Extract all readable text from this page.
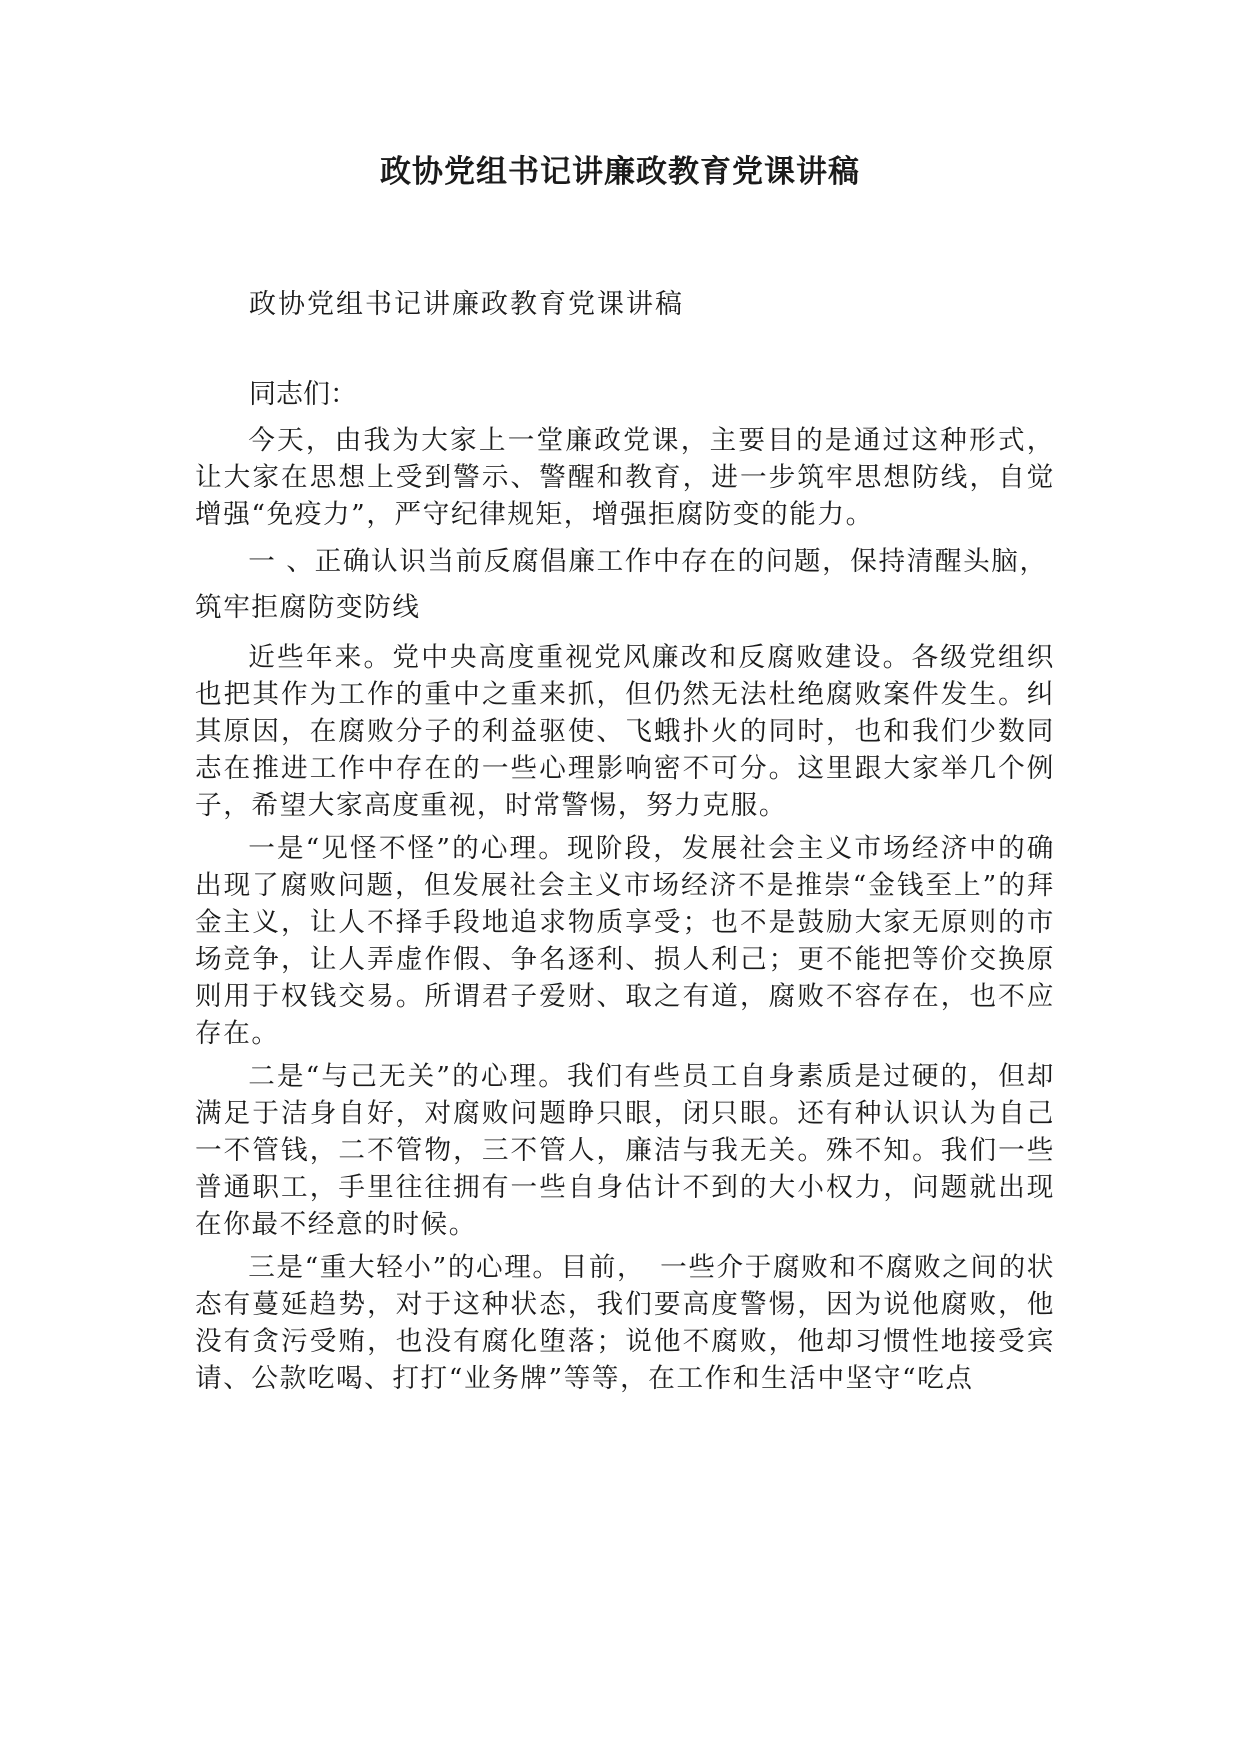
政协党组书记讲廉政教育党课讲稿

政协党组书记讲廉政教育党课讲稿

同志们：

今天，由我为大家上一堂廉政党课，主要目的是通过这种形式，让大家在思想上受到警示、警醒和教育，进一步筑牢思想防线，自觉增强“免疫力”，严守纪律规矩，增强拒腐防变的能力。

一 、正确认识当前反腐倡廉工作中存在的问题，保持清醒头脑，筑牢拒腐防变防线

近些年来。党中央高度重视党风廉改和反腐败建设。各级党组织也把其作为工作的重中之重来抓，但仍然无法杜绝腐败案件发生。纠其原因，在腐败分子的利益驱使、飞蛾扑火的同时，也和我们少数同志在推进工作中存在的一些心理影响密不可分。这里跟大家举几个例子，希望大家高度重视，时常警惕，努力克服。

一是“见怪不怪”的心理。现阶段，发展社会主义市场经济中的确出现了腐败问题，但发展社会主义市场经济不是推崇“金钱至上”的拜金主义，让人不择手段地追求物质享受；也不是鼓励大家无原则的市场竞争，让人弄虚作假、争名逐利、损人利己；更不能把等价交换原则用于权钱交易。所谓君子爱财、取之有道，腐败不容存在，也不应存在。

二是“与己无关”的心理。我们有些员工自身素质是过硬的，但却满足于洁身自好，对腐败问题睁只眼，闭只眼。还有种认识认为自己一不管钱，二不管物，三不管人，廉洁与我无关。殊不知。我们一些普通职工，手里往往拥有一些自身估计不到的大小权力，问题就出现在你最不经意的时候。

三是“重大轻小”的心理。目前，　一些介于腐败和不腐败之间的状态有蔓延趋势，对于这种状态，我们要高度警惕，因为说他腐败，他没有贪污受贿，也没有腐化堕落；说他不腐败，他却习惯性地接受宾请、公款吃喝、打打“业务牌”等等，在工作和生活中坚守“吃点
